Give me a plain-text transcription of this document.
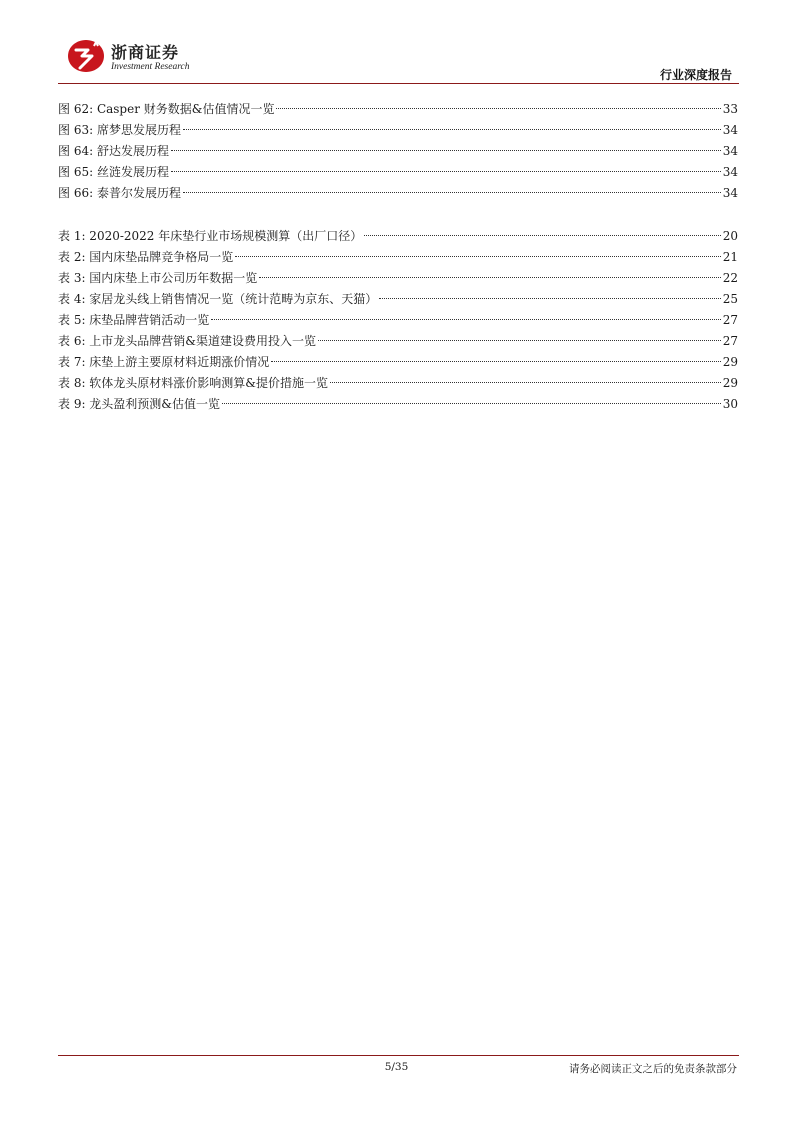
浙商证券
Investment Research
行业深度报告
图 62: Casper 财务数据&估值情况一览	33
图 63: 席梦思发展历程	34
图 64: 舒达发展历程	34
图 65: 丝涟发展历程	34
图 66: 泰普尔发展历程	34
表 1: 2020-2022 年床垫行业市场规模测算（出厂口径）	20
表 2: 国内床垫品牌竞争格局一览	21
表 3: 国内床垫上市公司历年数据一览	22
表 4: 家居龙头线上销售情况一览（统计范畴为京东、天猫）	25
表 5: 床垫品牌营销活动一览	27
表 6: 上市龙头品牌营销&渠道建设费用投入一览	27
表 7: 床垫上游主要原材料近期涨价情况	29
表 8: 软体龙头原材料涨价影响测算&提价措施一览	29
表 9: 龙头盈利预测&估值一览	30
5/35	请务必阅读正文之后的免责条款部分
